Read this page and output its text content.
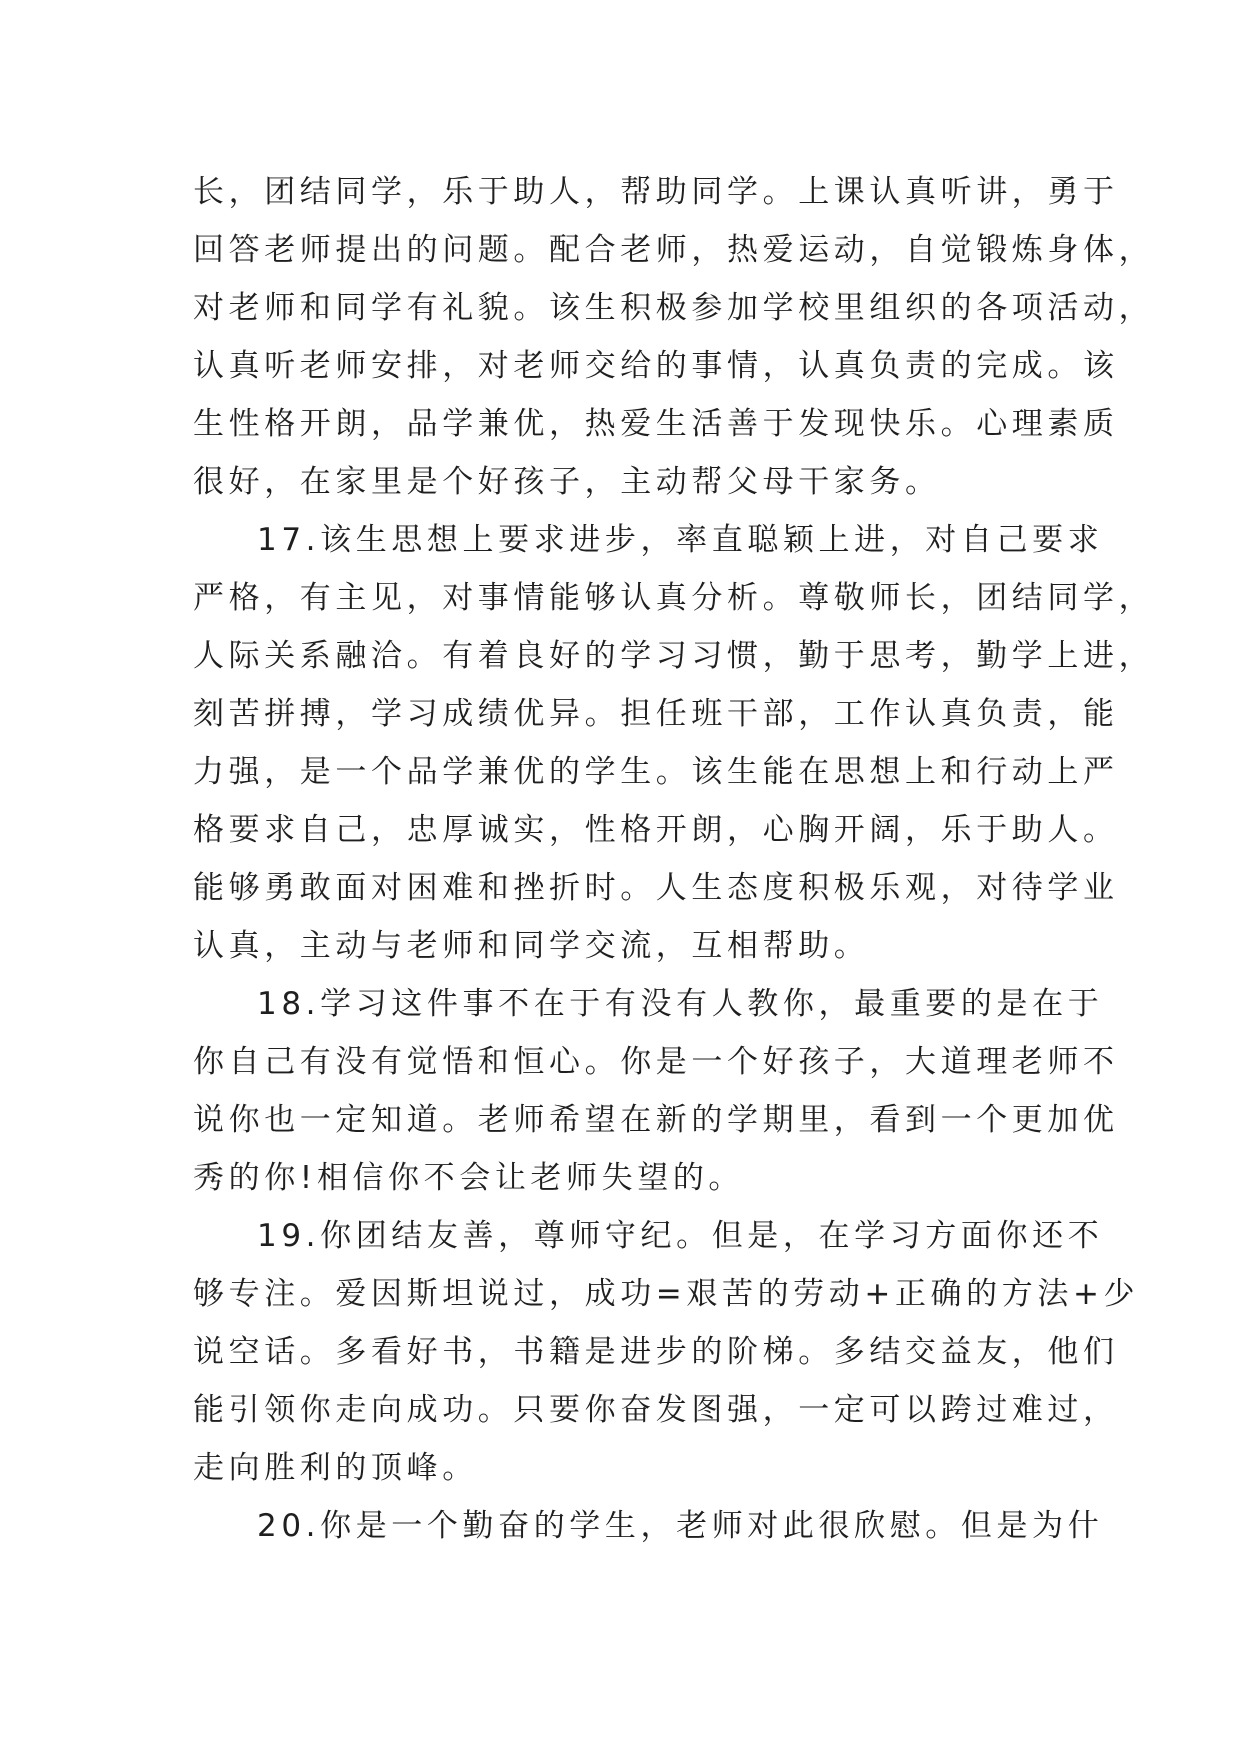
长，团结同学，乐于助人，帮助同学。上课认真听讲，勇于
回答老师提出的问题。配合老师，热爱运动，自觉锻炼身体，
对老师和同学有礼貌。该生积极参加学校里组织的各项活动，
认真听老师安排，对老师交给的事情，认真负责的完成。该
生性格开朗，品学兼优，热爱生活善于发现快乐。心理素质
很好，在家里是个好孩子，主动帮父母干家务。
17.该生思想上要求进步，率直聪颖上进，对自己要求
严格，有主见，对事情能够认真分析。尊敬师长，团结同学，
人际关系融洽。有着良好的学习习惯，勤于思考，勤学上进，
刻苦拼搏，学习成绩优异。担任班干部，工作认真负责，能
力强，是一个品学兼优的学生。该生能在思想上和行动上严
格要求自己，忠厚诚实，性格开朗，心胸开阔，乐于助人。
能够勇敢面对困难和挫折时。人生态度积极乐观，对待学业
认真，主动与老师和同学交流，互相帮助。
18.学习这件事不在于有没有人教你，最重要的是在于
你自己有没有觉悟和恒心。你是一个好孩子，大道理老师不
说你也一定知道。老师希望在新的学期里，看到一个更加优
秀的你!相信你不会让老师失望的。
19.你团结友善，尊师守纪。但是，在学习方面你还不
够专注。爱因斯坦说过，成功=艰苦的劳动+正确的方法+少
说空话。多看好书，书籍是进步的阶梯。多结交益友，他们
能引领你走向成功。只要你奋发图强，一定可以跨过难过，
走向胜利的顶峰。
20.你是一个勤奋的学生，老师对此很欣慰。但是为什
